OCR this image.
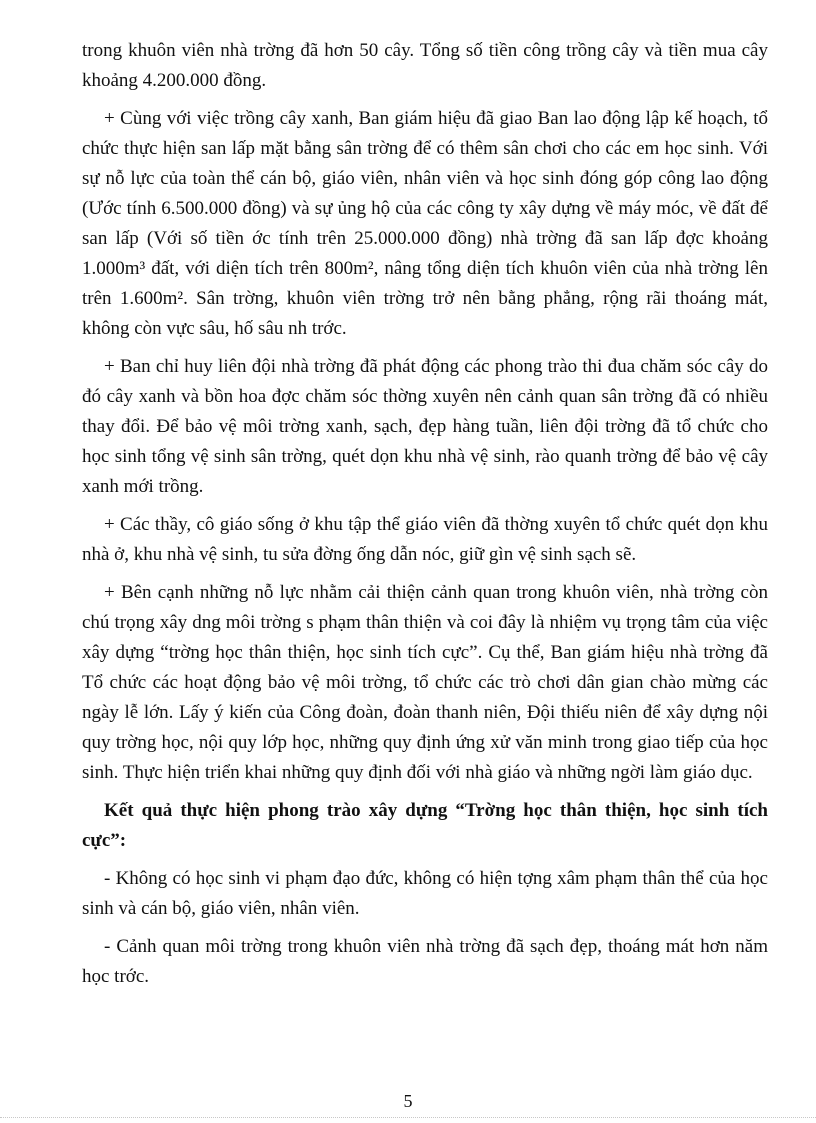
trong khuôn viên nhà trờng đã hơn 50 cây. Tổng số tiền công trồng cây và tiền mua cây khoảng 4.200.000 đồng.

+ Cùng với việc trồng cây xanh, Ban giám hiệu đã giao Ban lao động lập kế hoạch, tổ chức thực hiện san lấp mặt bằng sân trờng để có thêm sân chơi cho các em học sinh. Với sự nỗ lực của toàn thể cán bộ, giáo viên, nhân viên và học sinh đóng góp công lao động (Ước tính 6.500.000 đồng) và sự ủng hộ của các công ty xây dựng về máy móc, về đất để san lấp (Với số tiền ớc tính trên 25.000.000 đồng) nhà trờng đã san lấp đợc khoảng 1.000m³ đất, với diện tích trên 800m², nâng tổng diện tích khuôn viên của nhà trờng lên trên 1.600m². Sân trờng, khuôn viên trờng trở nên bằng phẳng, rộng rãi thoáng mát, không còn vực sâu, hố sâu nh trớc.

+ Ban chỉ huy liên đội nhà trờng đã phát động các phong trào thi đua chăm sóc cây do đó cây xanh và bồn hoa đợc chăm sóc thờng xuyên nên cảnh quan sân trờng đã có nhiều thay đổi. Để bảo vệ môi trờng xanh, sạch, đẹp hàng tuần, liên đội trờng đã tổ chức cho học sinh tổng vệ sinh sân trờng, quét dọn khu nhà vệ sinh, rào quanh trờng để bảo vệ cây xanh mới trồng.

+ Các thầy, cô giáo sống ở khu tập thể giáo viên đã thờng xuyên tổ chức quét dọn khu nhà ở, khu nhà vệ sinh, tu sửa đờng ống dẫn nóc, giữ gìn vệ sinh sạch sẽ.

+ Bên cạnh những nỗ lực nhằm cải thiện cảnh quan trong khuôn viên, nhà trờng còn chú trọng xây dng môi trờng s phạm thân thiện và coi đây là nhiệm vụ trọng tâm của việc xây dựng “trờng học thân thiện, học sinh tích cực”. Cụ thể, Ban giám hiệu nhà trờng đã Tổ chức các hoạt động bảo vệ môi trờng, tổ chức các trò chơi dân gian chào mừng các ngày lễ lớn. Lấy ý kiến của Công đoàn, đoàn thanh niên, Đội thiếu niên để xây dựng nội quy trờng học, nội quy lớp học, những quy định ứng xử văn minh trong giao tiếp của học sinh. Thực hiện triển khai những quy định đối với nhà giáo và những ngời làm giáo dục.

Kết quả thực hiện phong trào xây dựng “Trờng học thân thiện, học sinh tích cực”:

- Không có học sinh vi phạm đạo đức, không có hiện tợng xâm phạm thân thể của học sinh và cán bộ, giáo viên, nhân viên.

- Cảnh quan môi trờng trong khuôn viên nhà trờng đã sạch đẹp, thoáng mát hơn năm học trớc.

5
